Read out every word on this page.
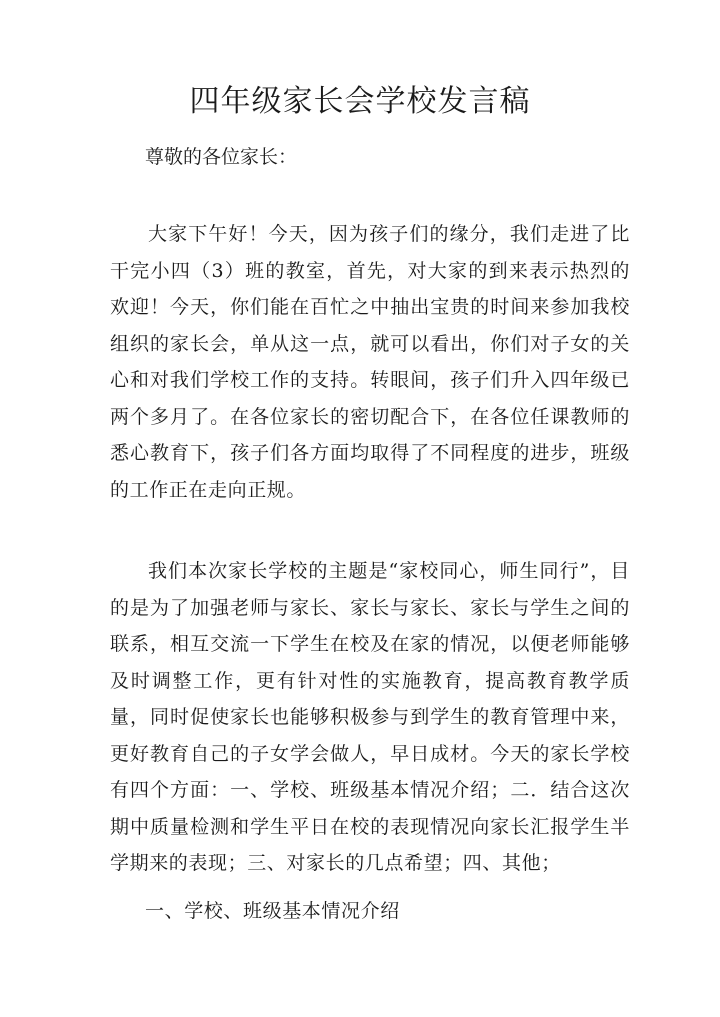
四年级家长会学校发言稿

尊敬的各位家长：

大家下午好！今天，因为孩子们的缘分，我们走进了比干完小四（3）班的教室，首先，对大家的到来表示热烈的欢迎！今天，你们能在百忙之中抽出宝贵的时间来参加我校组织的家长会，单从这一点，就可以看出，你们对子女的关心和对我们学校工作的支持。转眼间，孩子们升入四年级已两个多月了。在各位家长的密切配合下，在各位任课教师的悉心教育下，孩子们各方面均取得了不同程度的进步，班级的工作正在走向正规。

我们本次家长学校的主题是“家校同心，师生同行”，目的是为了加强老师与家长、家长与家长、家长与学生之间的联系，相互交流一下学生在校及在家的情况，以便老师能够及时调整工作，更有针对性的实施教育，提高教育教学质量，同时促使家长也能够积极参与到学生的教育管理中来，更好教育自己的子女学会做人，早日成材。今天的家长学校有四个方面：一、学校、班级基本情况介绍；二．结合这次期中质量检测和学生平日在校的表现情况向家长汇报学生半学期来的表现；三、对家长的几点希望；四、其他；

一、学校、班级基本情况介绍
